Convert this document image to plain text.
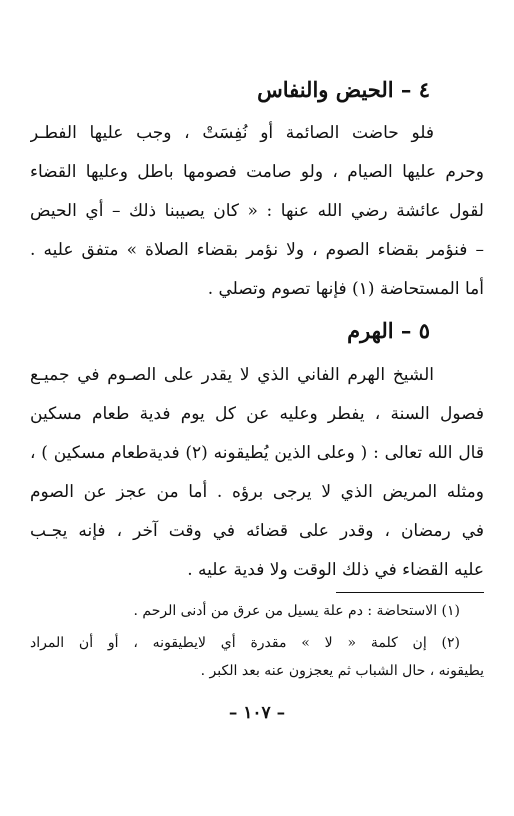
٤ – الحيض والنفاس
فلو حاضت الصائمة أو نُفِسَتْ ، وجب عليها الفطـر
وحرم عليها الصيام ، ولو صامت فصومها باطل وعليها القضاء
لقول عائشة رضي الله عنها : « كان يصيبنا ذلك – أي الحيض
– فنؤمر بقضاء الصوم ، ولا نؤمر بقضاء الصلاة » متفق عليه .
أما المستحاضة (١) فإنها تصوم وتصلي .
٥ – الهرم
الشيخ الهرم الفاني الذي لا يقدر على الصـوم في جميـع
فصول السنة ، يفطر وعليه عن كل يوم فدية طعام مسكين
قال الله تعالى : ( وعلى الذين يُطيقونه (٢) فديةطعام مسكين ) ،
ومثله المريض الذي لا يرجى برؤه . أما من عجز عن الصوم
في رمضان ، وقدر على قضائه في وقت آخر ، فإنه يجـب
عليه القضاء في ذلك الوقت ولا فدية عليه .
(١) الاستحاضة : دم علة يسيل من عرق من أدنى الرحم .
(٢) إن كلمة « لا » مقدرة أي لايطيقونه ، أو أن المراد
يطيقونه ، حال الشباب ثم يعجزون عنه بعد الكبر .
– ١٠٧ –
